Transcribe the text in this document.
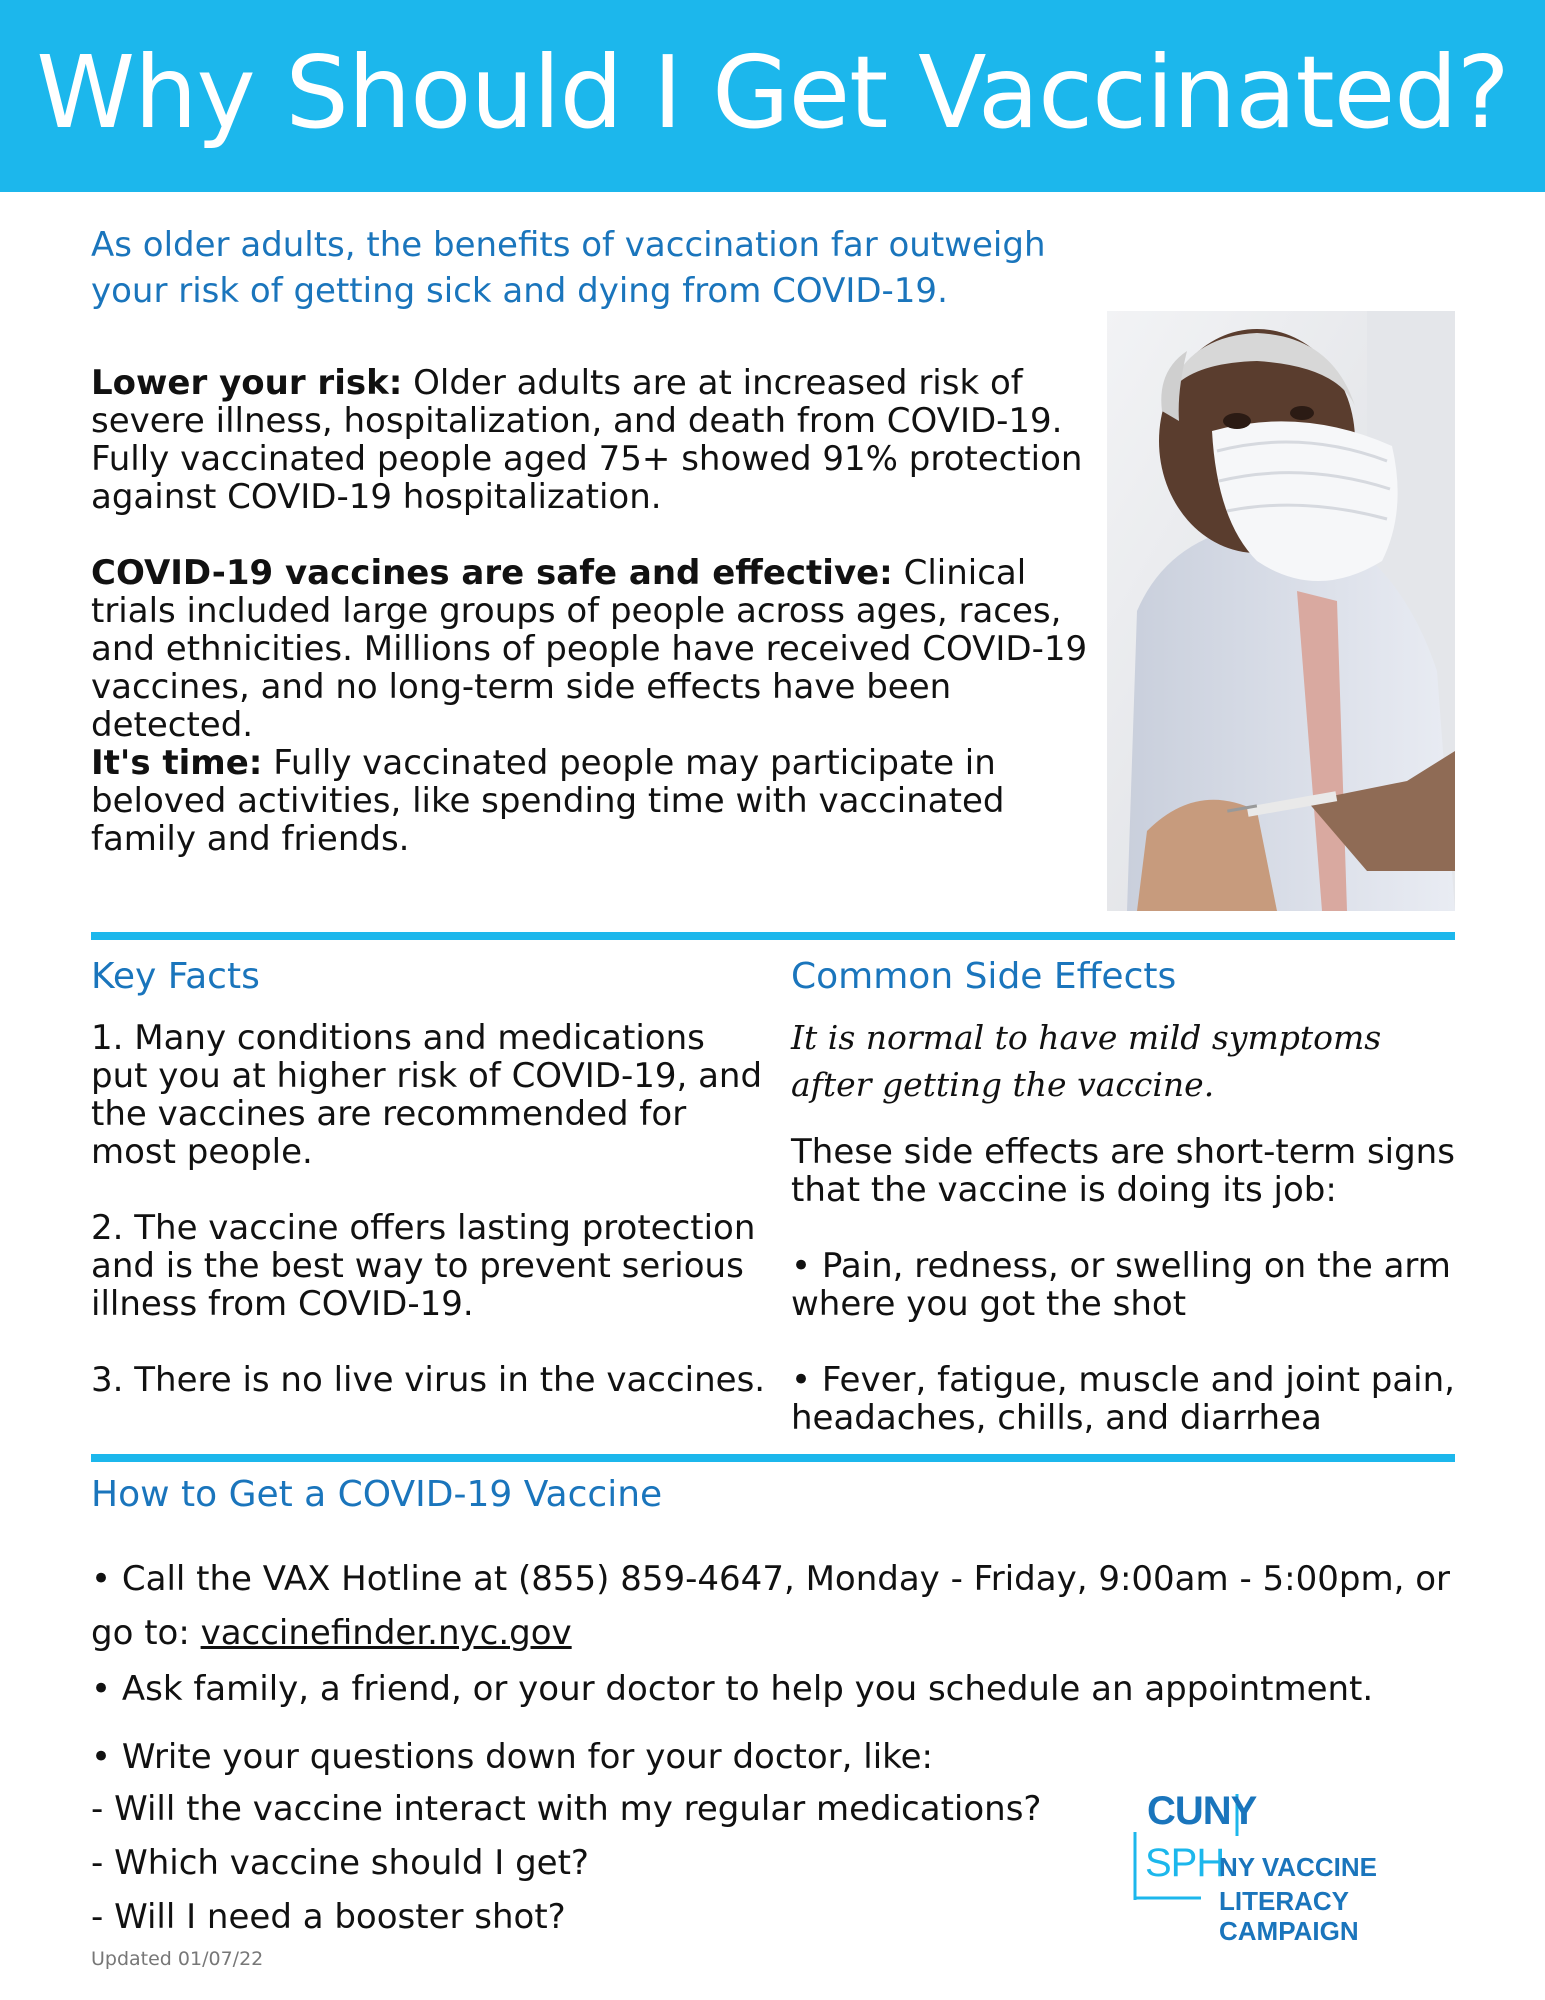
Why Should I Get Vaccinated?

As older adults, the benefits of vaccination far outweigh your risk of getting sick and dying from COVID-19.

Lower your risk: Older adults are at increased risk of severe illness, hospitalization, and death from COVID-19. Fully vaccinated people aged 75+ showed 91% protection against COVID-19 hospitalization.

COVID-19 vaccines are safe and effective: Clinical trials included large groups of people across ages, races, and ethnicities. Millions of people have received COVID-19 vaccines, and no long-term side effects have been detected.

It's time: Fully vaccinated people may participate in beloved activities, like spending time with vaccinated family and friends.

Key Facts

1. Many conditions and medications put you at higher risk of COVID-19, and the vaccines are recommended for most people.

2. The vaccine offers lasting protection and is the best way to prevent serious illness from COVID-19.

3. There is no live virus in the vaccines.

Common Side Effects

It is normal to have mild symptoms after getting the vaccine.

These side effects are short-term signs that the vaccine is doing its job:

• Pain, redness, or swelling on the arm where you got the shot

• Fever, fatigue, muscle and joint pain, headaches, chills, and diarrhea

How to Get a COVID-19 Vaccine

• Call the VAX Hotline at (855) 859-4647, Monday - Friday, 9:00am - 5:00pm, or go to: vaccinefinder.nyc.gov

• Ask family, a friend, or your doctor to help you schedule an appointment.

• Write your questions down for your doctor, like:

- Will the vaccine interact with my regular medications?

- Which vaccine should I get?

- Will I need a booster shot?

Updated 01/07/22

CUNY

SPH

NY VACCINE

LITERACY CAMPAIGN
